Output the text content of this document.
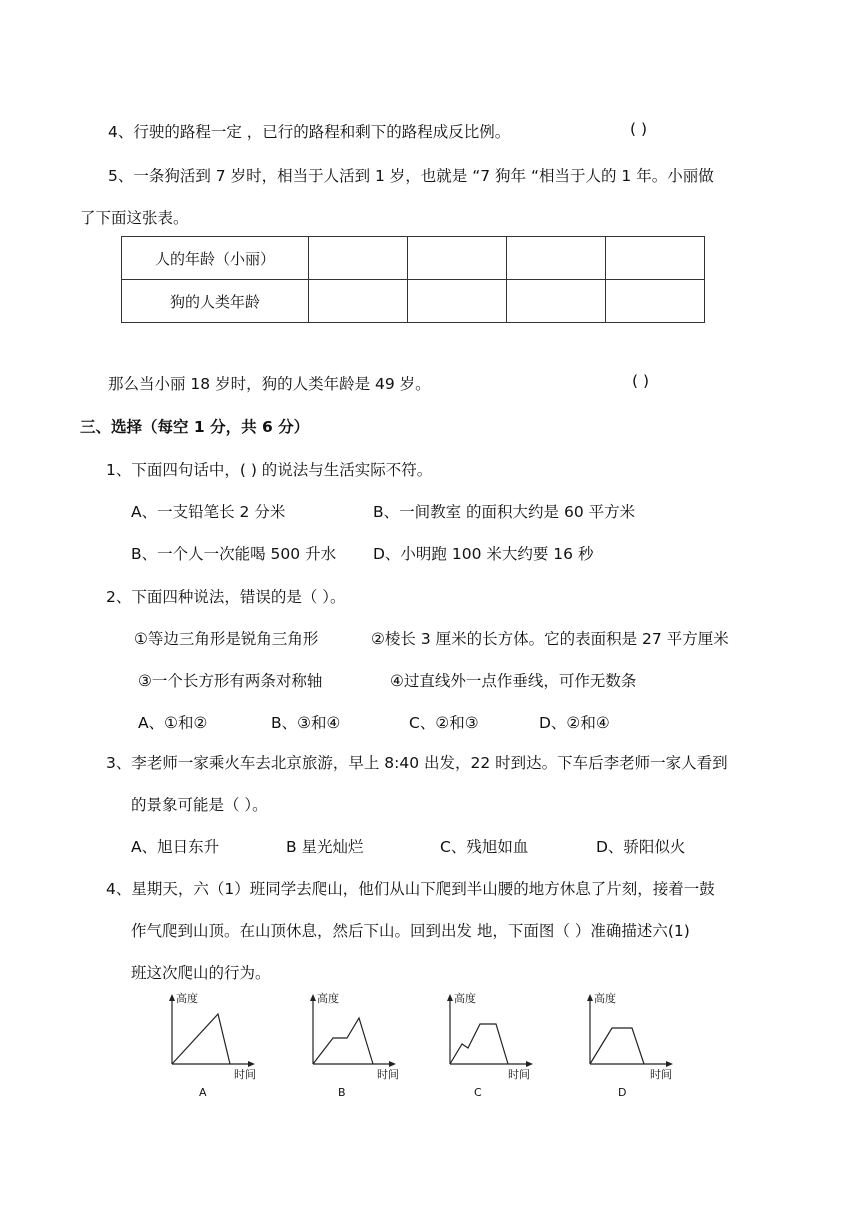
4、行驶的路程一定 ，已行的路程和剩下的路程成反比例。	( )
5、一条狗活到 7 岁时，相当于人活到 1 岁，也就是 “7 狗年 “相当于人的 1 年。小丽做
了下面这张表。
人的年龄（小丽）				
狗的人类年龄				
那么当小丽 18 岁时，狗的人类年龄是 49 岁。	( )
三、选择（每空 1 分，共 6 分）
1、下面四句话中，( ) 的说法与生活实际不符。
A、一支铅笔长 2 分米	B、一间教室 的面积大约是 60 平方米
B、一个人一次能喝 500 升水 D、小明跑 100 米大约要 16 秒
2、下面四种说法，错误的是（ ）。
①等边三角形是锐角三角形	②棱长 3 厘米的长方体。它的表面积是 27 平方厘米
③一个长方形有两条对称轴	④过直线外一点作垂线，可作无数条
A、①和②	B、③和④	C、②和③	D、②和④
3、李老师一家乘火车去北京旅游，早上 8:40 出发，22 时到达。下车后李老师一家人看到
的景象可能是（ ）。
A、旭日东升	B 星光灿烂	C、残旭如血	D、骄阳似火
4、星期天，六（1）班同学去爬山，他们从山下爬到半山腰的地方休息了片刻，接着一鼓
作气爬到山顶。在山顶休息，然后下山。回到出发 地，下面图（ ）准确描述六(1)
班这次爬山的行为。
高度
时间
A
高度
时间
B
高度
时间
C
高度
时间
D
